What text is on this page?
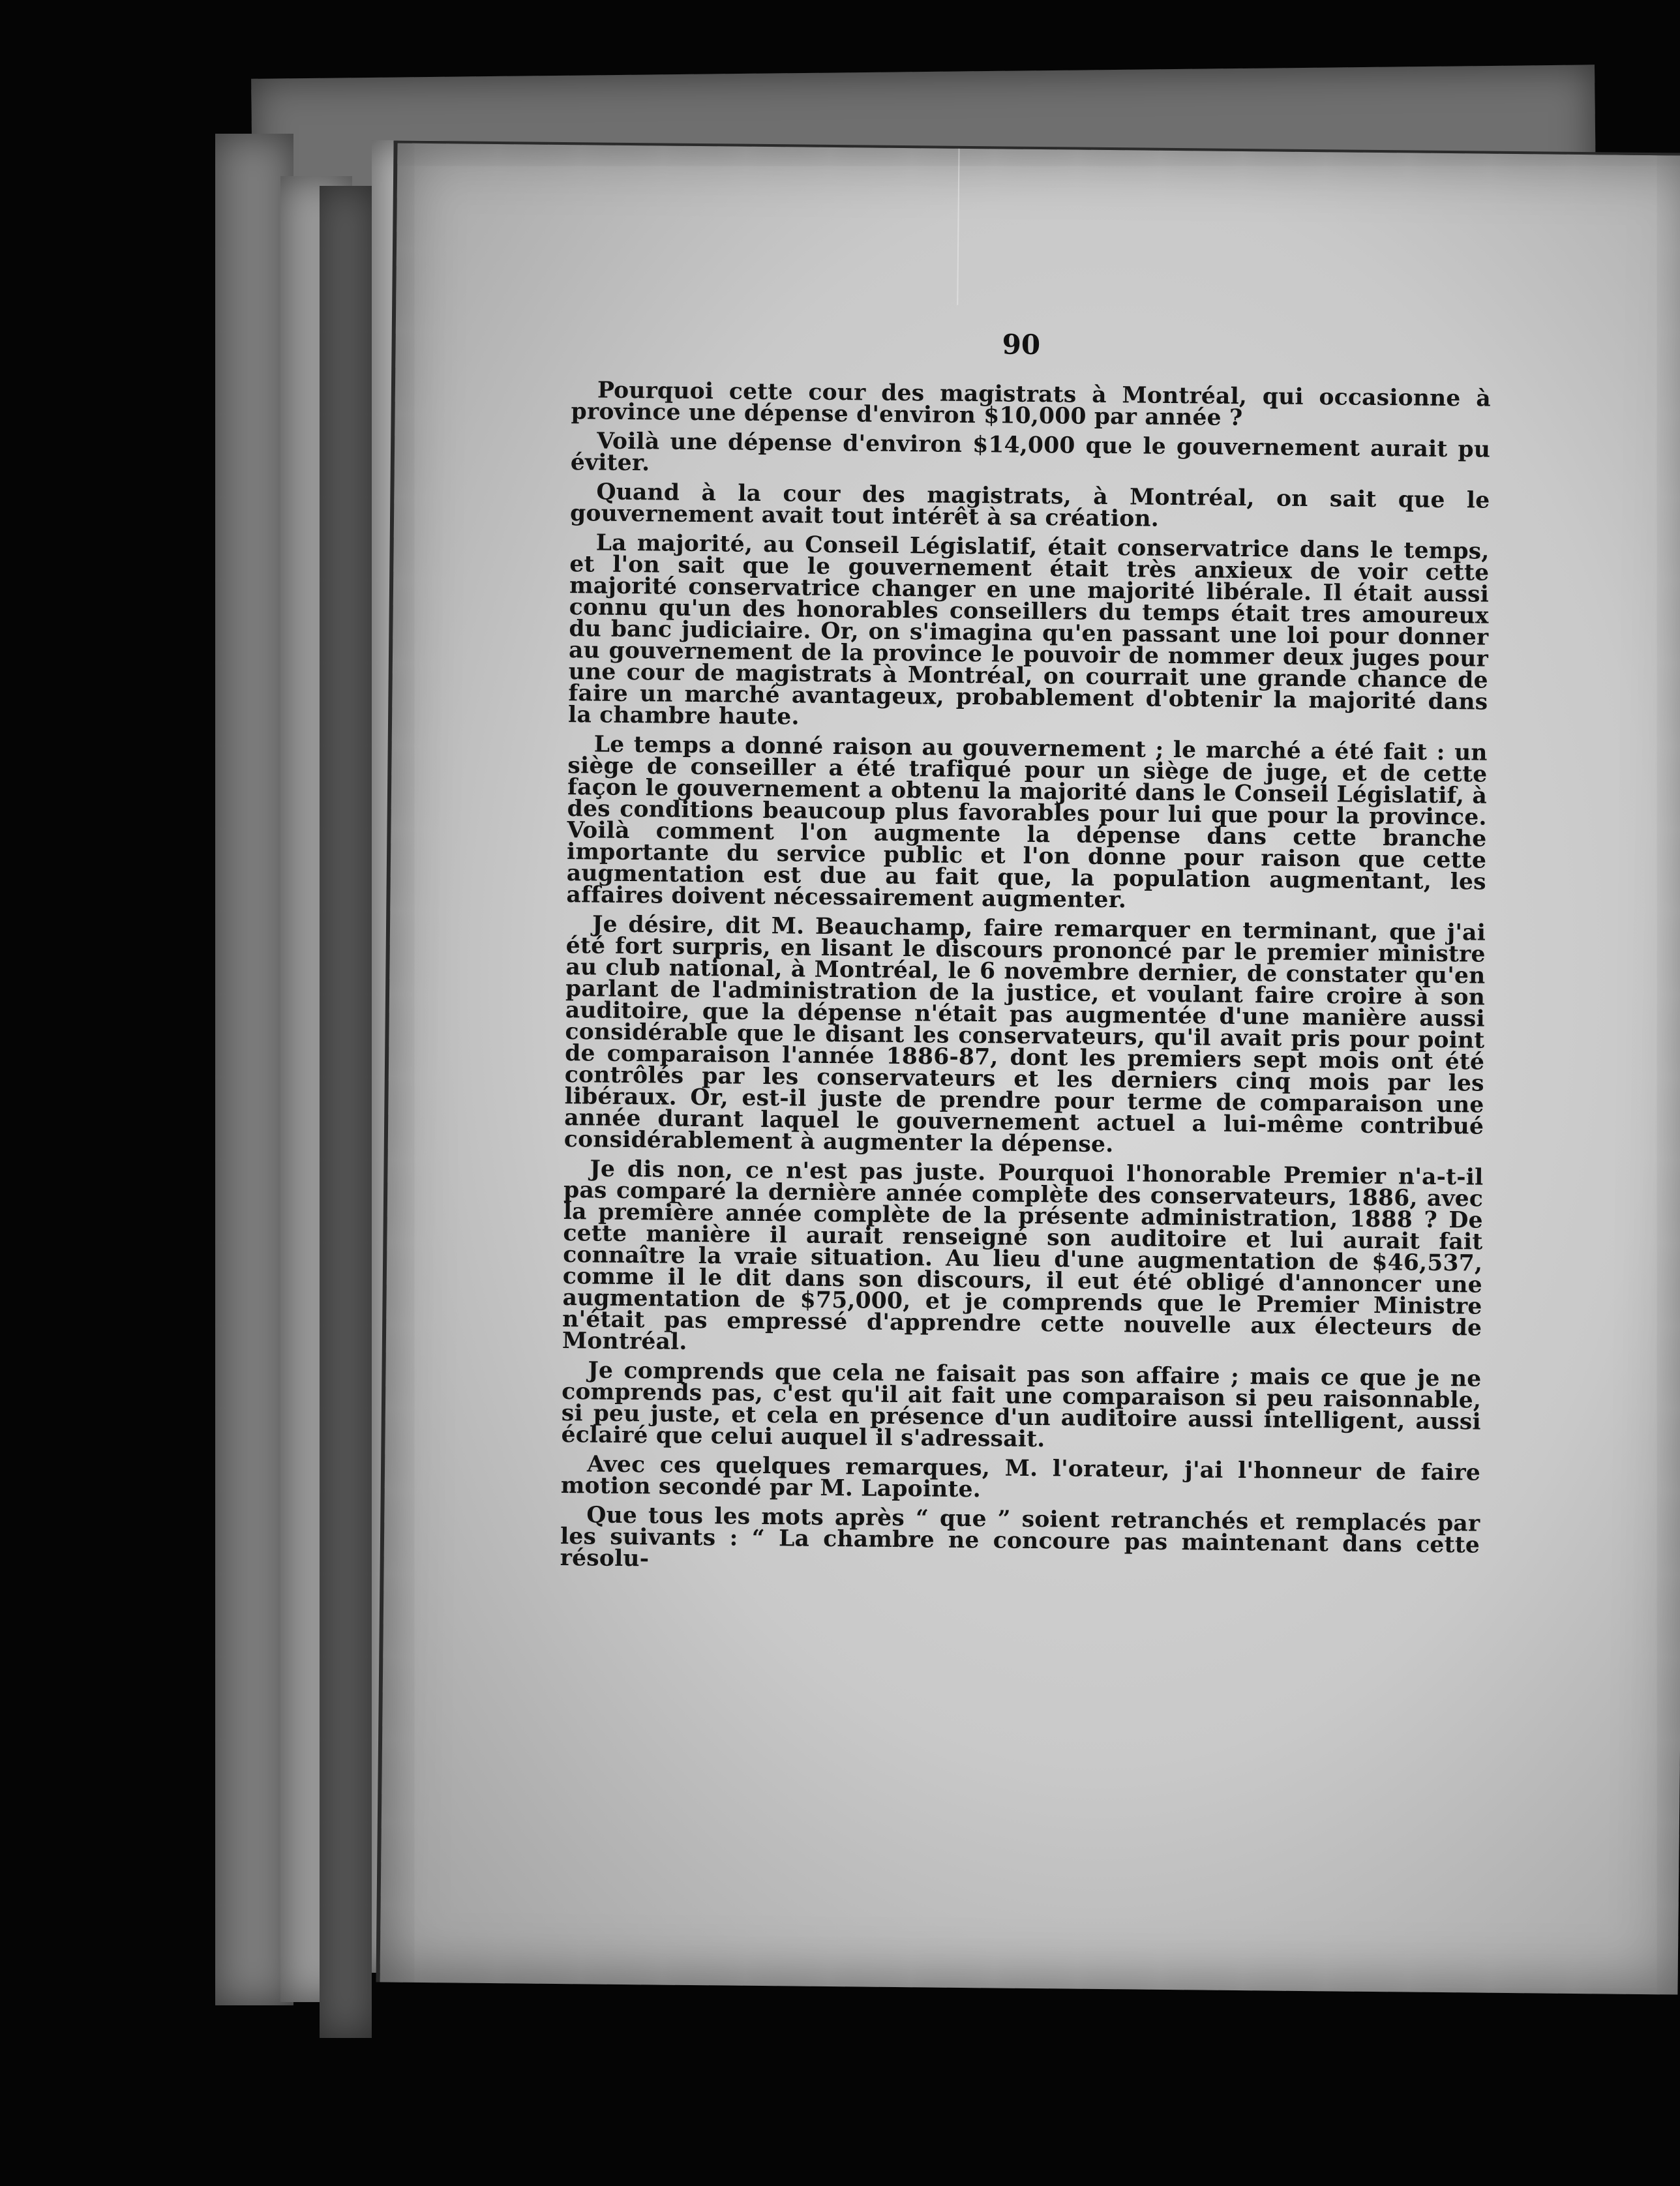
90

Pourquoi cette cour des magistrats à Montréal, qui occasionne à province une dépense d'environ $10,000 par année ?

Voilà une dépense d'environ $14,000 que le gouvernement aurait pu éviter.

Quand à la cour des magistrats, à Montréal, on sait que le gouvernement avait tout intérêt à sa création.

La majorité, au Conseil Législatif, était conservatrice dans le temps, et l'on sait que le gouvernement était très anxieux de voir cette majorité conservatrice changer en une majorité libérale. Il était aussi connu qu'un des honorables conseillers du temps était tres amoureux du banc judiciaire. Or, on s'imagina qu'en passant une loi pour donner au gouvernement de la province le pouvoir de nommer deux juges pour une cour de magistrats à Montréal, on courrait une grande chance de faire un marché avantageux, probablement d'obtenir la majorité dans la chambre haute.

Le temps a donné raison au gouvernement ; le marché a été fait : un siège de conseiller a été trafiqué pour un siège de juge, et de cette façon le gouvernement a obtenu la majorité dans le Conseil Législatif, à des conditions beaucoup plus favorables pour lui que pour la province. Voilà comment l'on augmente la dépense dans cette branche importante du service public et l'on donne pour raison que cette augmentation est due au fait que, la population augmentant, les affaires doivent nécessairement augmenter.

Je désire, dit M. Beauchamp, faire remarquer en terminant, que j'ai été fort surpris, en lisant le discours prononcé par le premier ministre au club national, à Montréal, le 6 novembre dernier, de constater qu'en parlant de l'administration de la justice, et voulant faire croire à son auditoire, que la dépense n'était pas augmentée d'une manière aussi considérable que le disant les conservateurs, qu'il avait pris pour point de comparaison l'année 1886-87, dont les premiers sept mois ont été contrôlés par les conservateurs et les derniers cinq mois par les libéraux. Or, est-il juste de prendre pour terme de comparaison une année durant laquel le gouvernement actuel a lui-même contribué considérablement à augmenter la dépense.

Je dis non, ce n'est pas juste. Pourquoi l'honorable Premier n'a-t-il pas comparé la dernière année complète des conservateurs, 1886, avec la première année complète de la présente administration, 1888 ? De cette manière il aurait renseigné son auditoire et lui aurait fait connaître la vraie situation. Au lieu d'une augmentation de $46,537, comme il le dit dans son discours, il eut été obligé d'annoncer une augmentation de $75,000, et je comprends que le Premier Ministre n'était pas empressé d'apprendre cette nouvelle aux électeurs de Montréal.

Je comprends que cela ne faisait pas son affaire ; mais ce que je ne comprends pas, c'est qu'il ait fait une comparaison si peu raisonnable, si peu juste, et cela en présence d'un auditoire aussi intelligent, aussi éclairé que celui auquel il s'adressait.

Avec ces quelques remarques, M. l'orateur, j'ai l'honneur de faire motion secondé par M. Lapointe.

Que tous les mots après “ que ” soient retranchés et remplacés par les suivants : “ La chambre ne concoure pas maintenant dans cette résolu-
